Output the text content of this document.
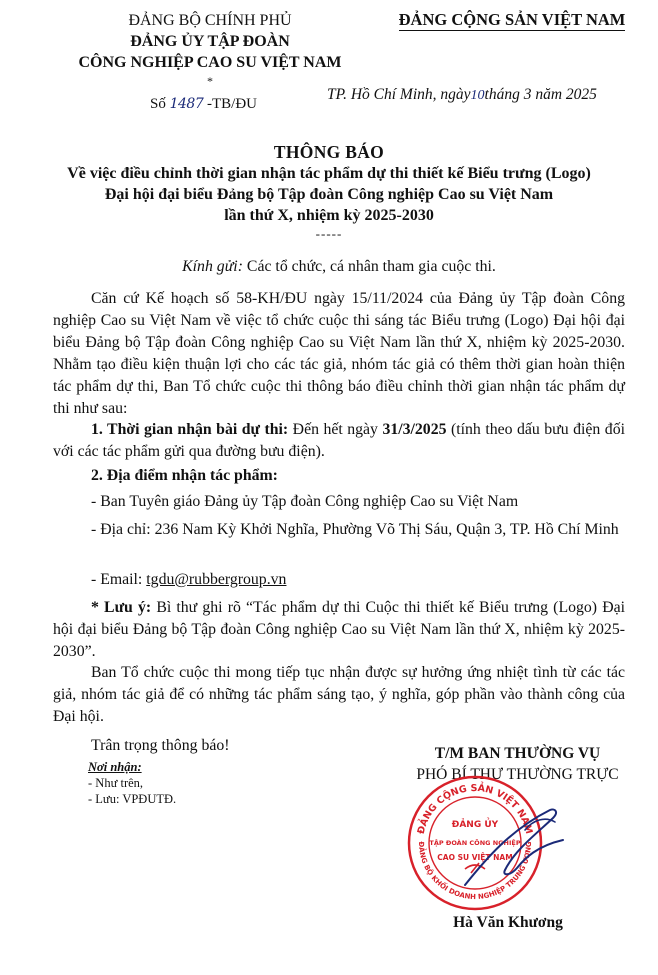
ĐẢNG BỘ CHÍNH PHỦ
ĐẢNG ỦY TẬP ĐOÀN
CÔNG NGHIỆP CAO SU VIỆT NAM
*
ĐẢNG CỘNG SẢN VIỆT NAM
Số 1487 -TB/ĐU
TP. Hồ Chí Minh, ngày10tháng 3 năm 2025
THÔNG BÁO
Về việc điều chỉnh thời gian nhận tác phẩm dự thi thiết kế Biểu trưng (Logo)
Đại hội đại biểu Đảng bộ Tập đoàn Công nghiệp Cao su Việt Nam
lần thứ X, nhiệm kỳ 2025-2030
-----
Kính gửi: Các tổ chức, cá nhân tham gia cuộc thi.
Căn cứ Kế hoạch số 58-KH/ĐU ngày 15/11/2024 của Đảng ủy Tập đoàn Công nghiệp Cao su Việt Nam về việc tổ chức cuộc thi sáng tác Biểu trưng (Logo) Đại hội đại biểu Đảng bộ Tập đoàn Công nghiệp Cao su Việt Nam lần thứ X, nhiệm kỳ 2025-2030. Nhằm tạo điều kiện thuận lợi cho các tác giả, nhóm tác giả có thêm thời gian hoàn thiện tác phẩm dự thi, Ban Tổ chức cuộc thi thông báo điều chỉnh thời gian nhận tác phẩm dự thi như sau:
1. Thời gian nhận bài dự thi: Đến hết ngày 31/3/2025 (tính theo dấu bưu điện đối với các tác phẩm gửi qua đường bưu điện).
2. Địa điểm nhận tác phẩm:
- Ban Tuyên giáo Đảng ủy Tập đoàn Công nghiệp Cao su Việt Nam
- Địa chỉ: 236 Nam Kỳ Khởi Nghĩa, Phường Võ Thị Sáu, Quận 3, TP. Hồ Chí Minh
- Email: tgdu@rubbergroup.vn
* Lưu ý: Bì thư ghi rõ “Tác phẩm dự thi Cuộc thi thiết kế Biểu trưng (Logo) Đại hội đại biểu Đảng bộ Tập đoàn Công nghiệp Cao su Việt Nam lần thứ X, nhiệm kỳ 2025-2030”.
Ban Tổ chức cuộc thi mong tiếp tục nhận được sự hưởng ứng nhiệt tình từ các tác giả, nhóm tác giả để có những tác phẩm sáng tạo, ý nghĩa, góp phần vào thành công của Đại hội.
Trân trọng thông báo!
Nơi nhận:
- Như trên,
- Lưu: VPĐUTĐ.
T/M BAN THƯỜNG VỤ
PHÓ BÍ THƯ THƯỜNG TRỰC
ĐẢNG CỘNG SẢN VIỆT NAM
ĐẢNG BỘ KHỐI DOANH NGHIỆP TRUNG ƯƠNG
ĐẢNG ỦY
TẬP ĐOÀN CÔNG NGHIỆP
CAO SU VIỆT NAM
Hà Văn Khương
